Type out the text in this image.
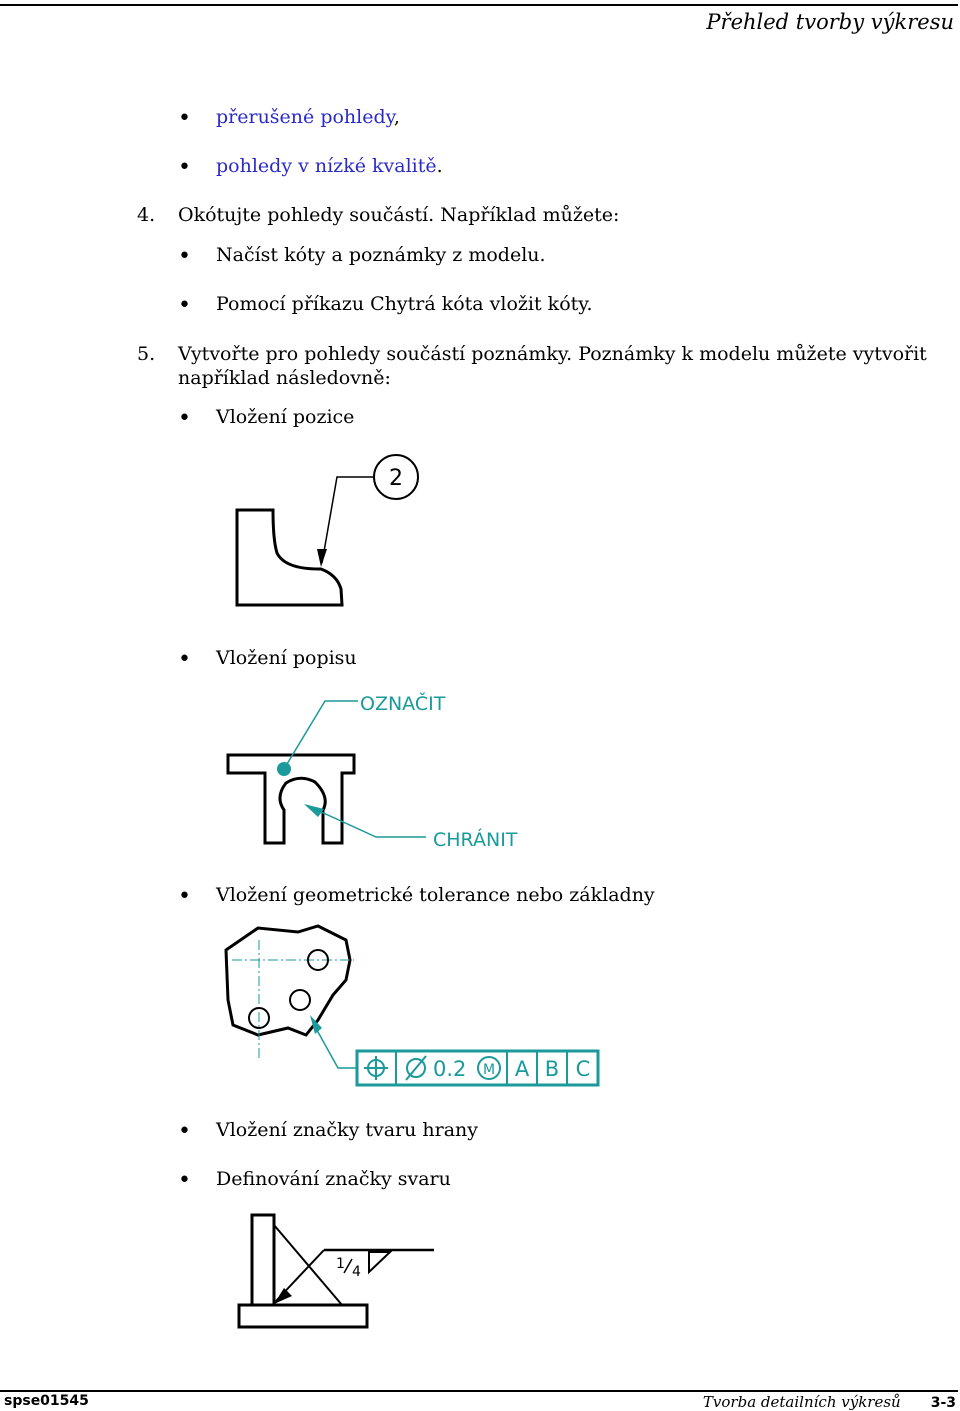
Přehled tvorby výkresu
• přerušené pohledy,
• pohledy v nízké kvalitě.
4. Okótujte pohledy součástí. Například můžete:
• Načíst kóty a poznámky z modelu.
• Pomocí příkazu Chytrá kóta vložit kóty.
5. Vytvořte pro pohledy součástí poznámky. Poznámky k modelu můžete vytvořit
například následovně:
• Vložení pozice
2
• Vložení popisu
OZNAČIT
CHRÁNIT
• Vložení geometrické tolerance nebo základny
0.2 M A B C
• Vložení značky tvaru hrany
• Definování značky svaru
1 4
spse01545	Tvorba detailních výkresů 3-3
